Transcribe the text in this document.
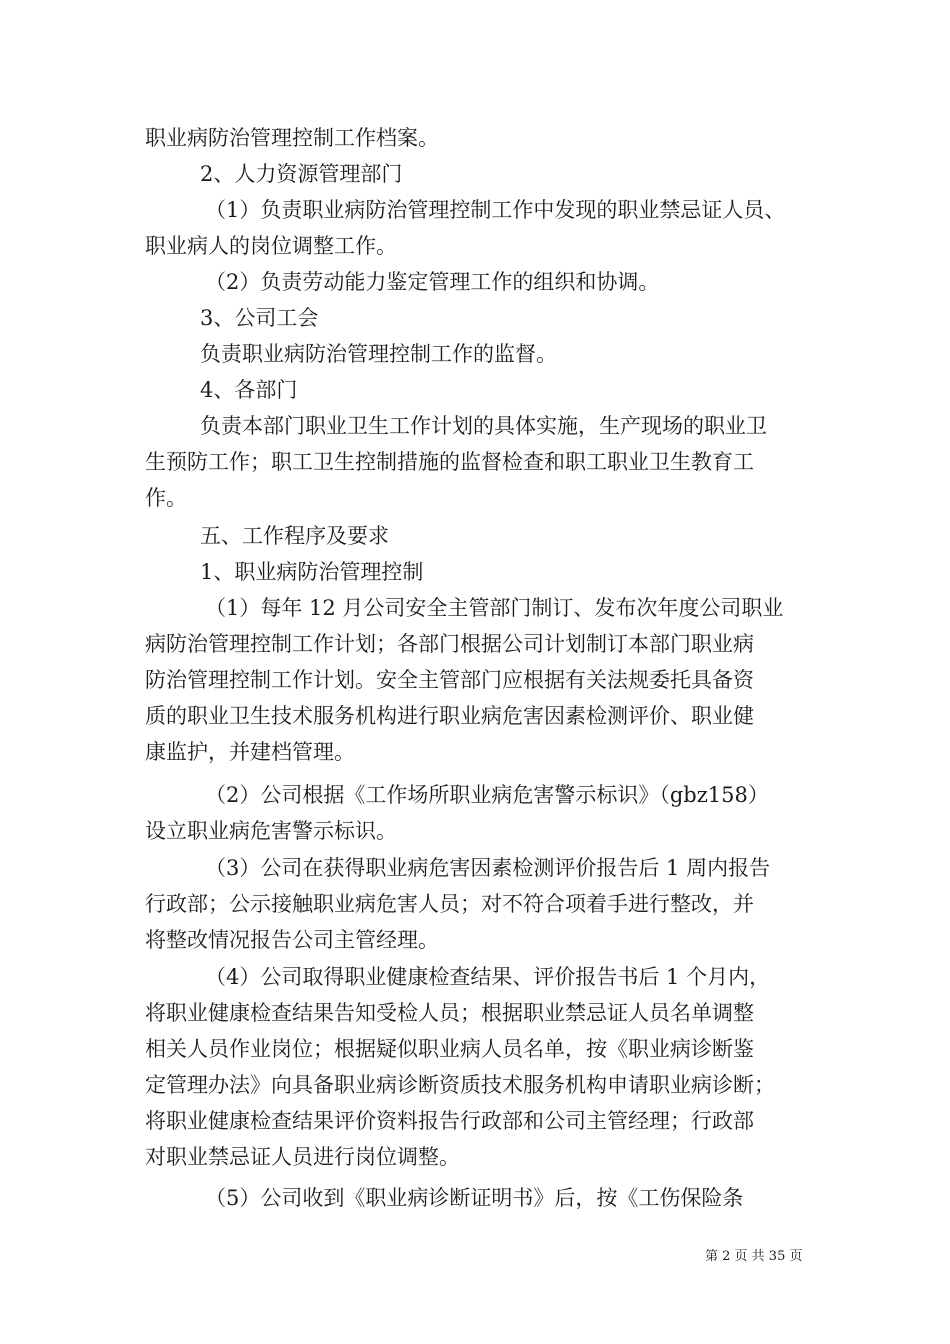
职业病防治管理控制工作档案。
2、人力资源管理部门
（1）负责职业病防治管理控制工作中发现的职业禁忌证人员、
职业病人的岗位调整工作。
（2）负责劳动能力鉴定管理工作的组织和协调。
3、公司工会
负责职业病防治管理控制工作的监督。
4、各部门
负责本部门职业卫生工作计划的具体实施，生产现场的职业卫
生预防工作；职工卫生控制措施的监督检查和职工职业卫生教育工
作。
五、工作程序及要求
1、职业病防治管理控制
（1）每年 12 月公司安全主管部门制订、发布次年度公司职业
病防治管理控制工作计划；各部门根据公司计划制订本部门职业病
防治管理控制工作计划。安全主管部门应根据有关法规委托具备资
质的职业卫生技术服务机构进行职业病危害因素检测评价、职业健
康监护，并建档管理。
（2）公司根据《工作场所职业病危害警示标识》（gbz158）
设立职业病危害警示标识。
（3）公司在获得职业病危害因素检测评价报告后 1 周内报告
行政部；公示接触职业病危害人员；对不符合项着手进行整改，并
将整改情况报告公司主管经理。
（4）公司取得职业健康检查结果、评价报告书后 1 个月内，
将职业健康检查结果告知受检人员；根据职业禁忌证人员名单调整
相关人员作业岗位；根据疑似职业病人员名单，按《职业病诊断鉴
定管理办法》向具备职业病诊断资质技术服务机构申请职业病诊断；
将职业健康检查结果评价资料报告行政部和公司主管经理；行政部
对职业禁忌证人员进行岗位调整。
（5）公司收到《职业病诊断证明书》后，按《工伤保险条
第 2 页 共 35 页
